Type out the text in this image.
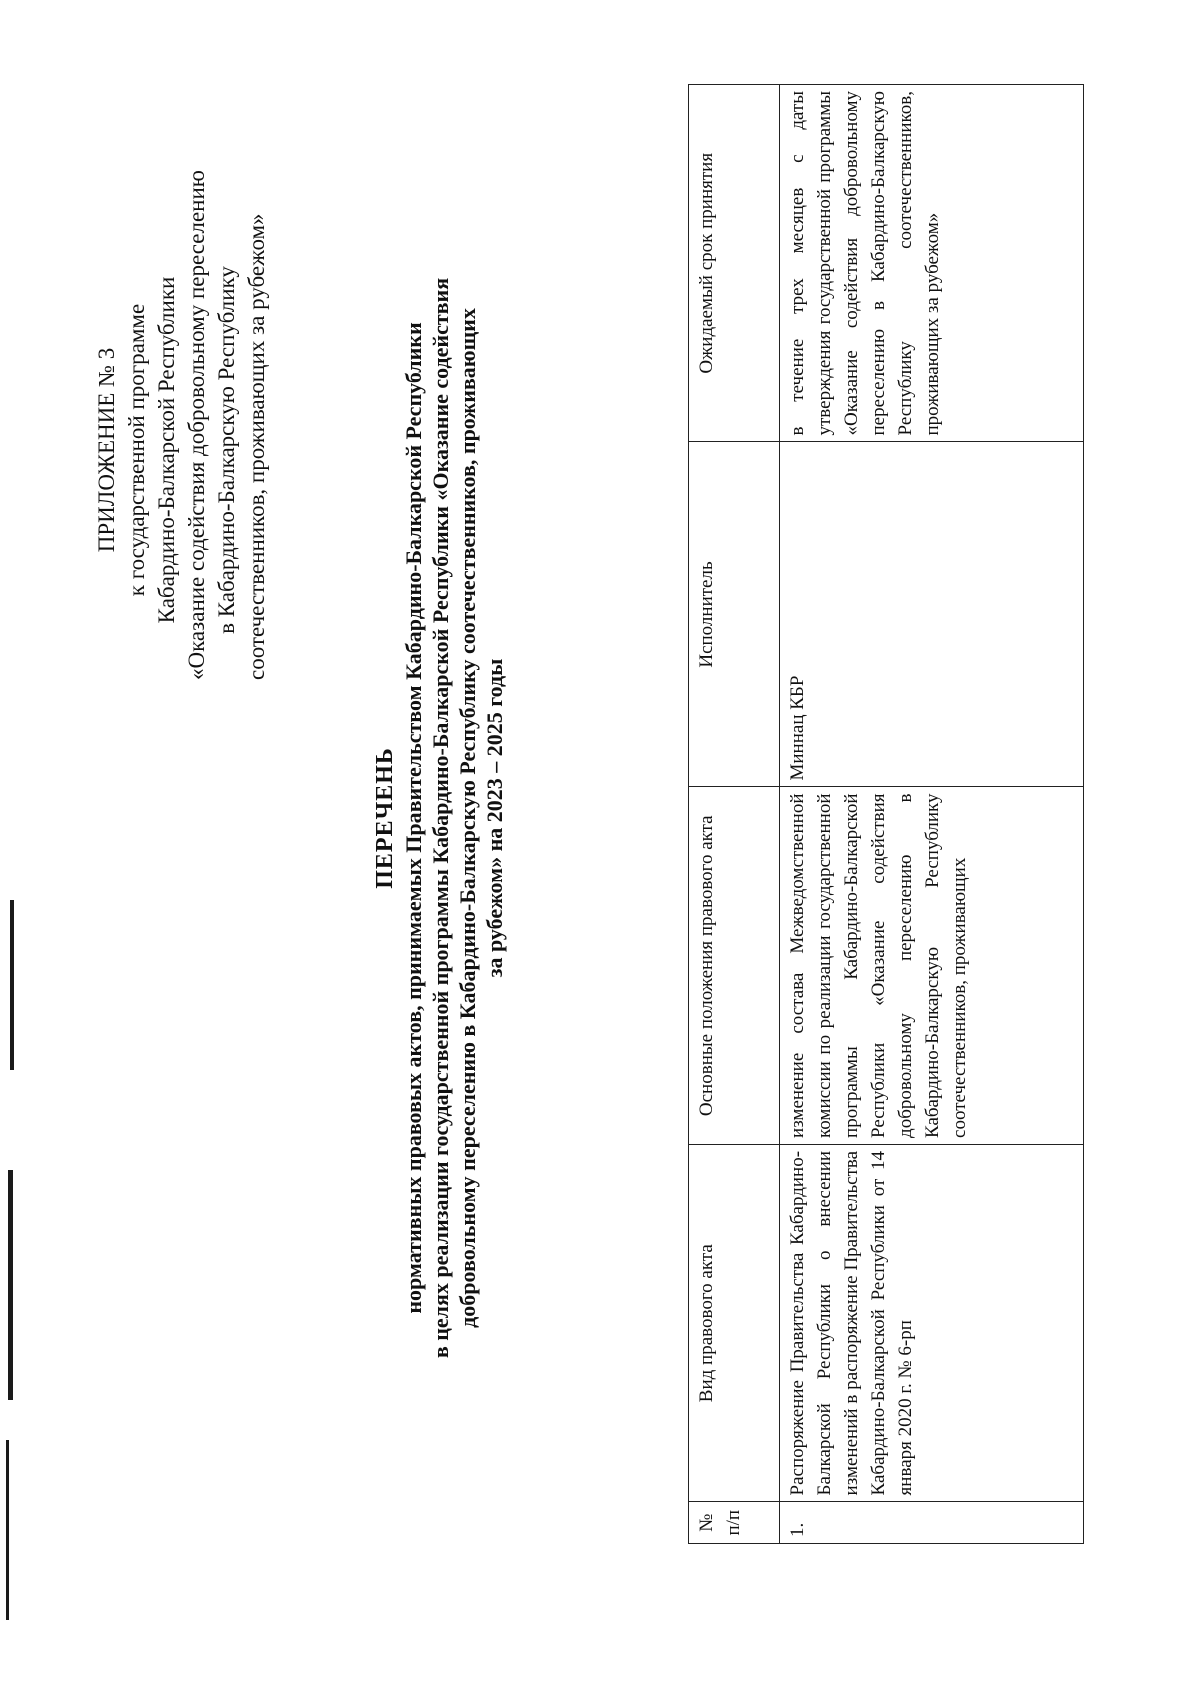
ПРИЛОЖЕНИЕ № 3 к государственной программе Кабардино-Балкарской Республики «Оказание содействия добровольному переселению в Кабардино-Балкарскую Республику соотечественников, проживающих за рубежом»
ПЕРЕЧЕНЬ нормативных правовых актов, принимаемых Правительством Кабардино-Балкарской Республики в целях реализации государственной программы Кабардино-Балкарской Республики «Оказание содействия добровольному переселению в Кабардино-Балкарскую Республику соотечественников, проживающих за рубежом» на 2023 – 2025 годы
№ п/п	Вид правового акта	Основные положения правового акта	Исполнитель	Ожидаемый срок принятия
1.	Распоряжение Правительства Кабардино-Балкарской Республики о внесении изменений в распоряжение Правительства Кабардино-Балкарской Республики от 14 января 2020 г. № 6-рп	изменение состава Межведомственной комиссии по реализации государственной программы Кабардино-Балкарской Республики «Оказание содействия добровольному переселению в Кабардино-Балкарскую Республику соотечественников, проживающих	Миннац КБР	в течение трех месяцев с даты утверждения государственной программы «Оказание содействия добровольному переселению в Кабардино-Балкарскую Республику соотечественников, проживающих за рубежом»
